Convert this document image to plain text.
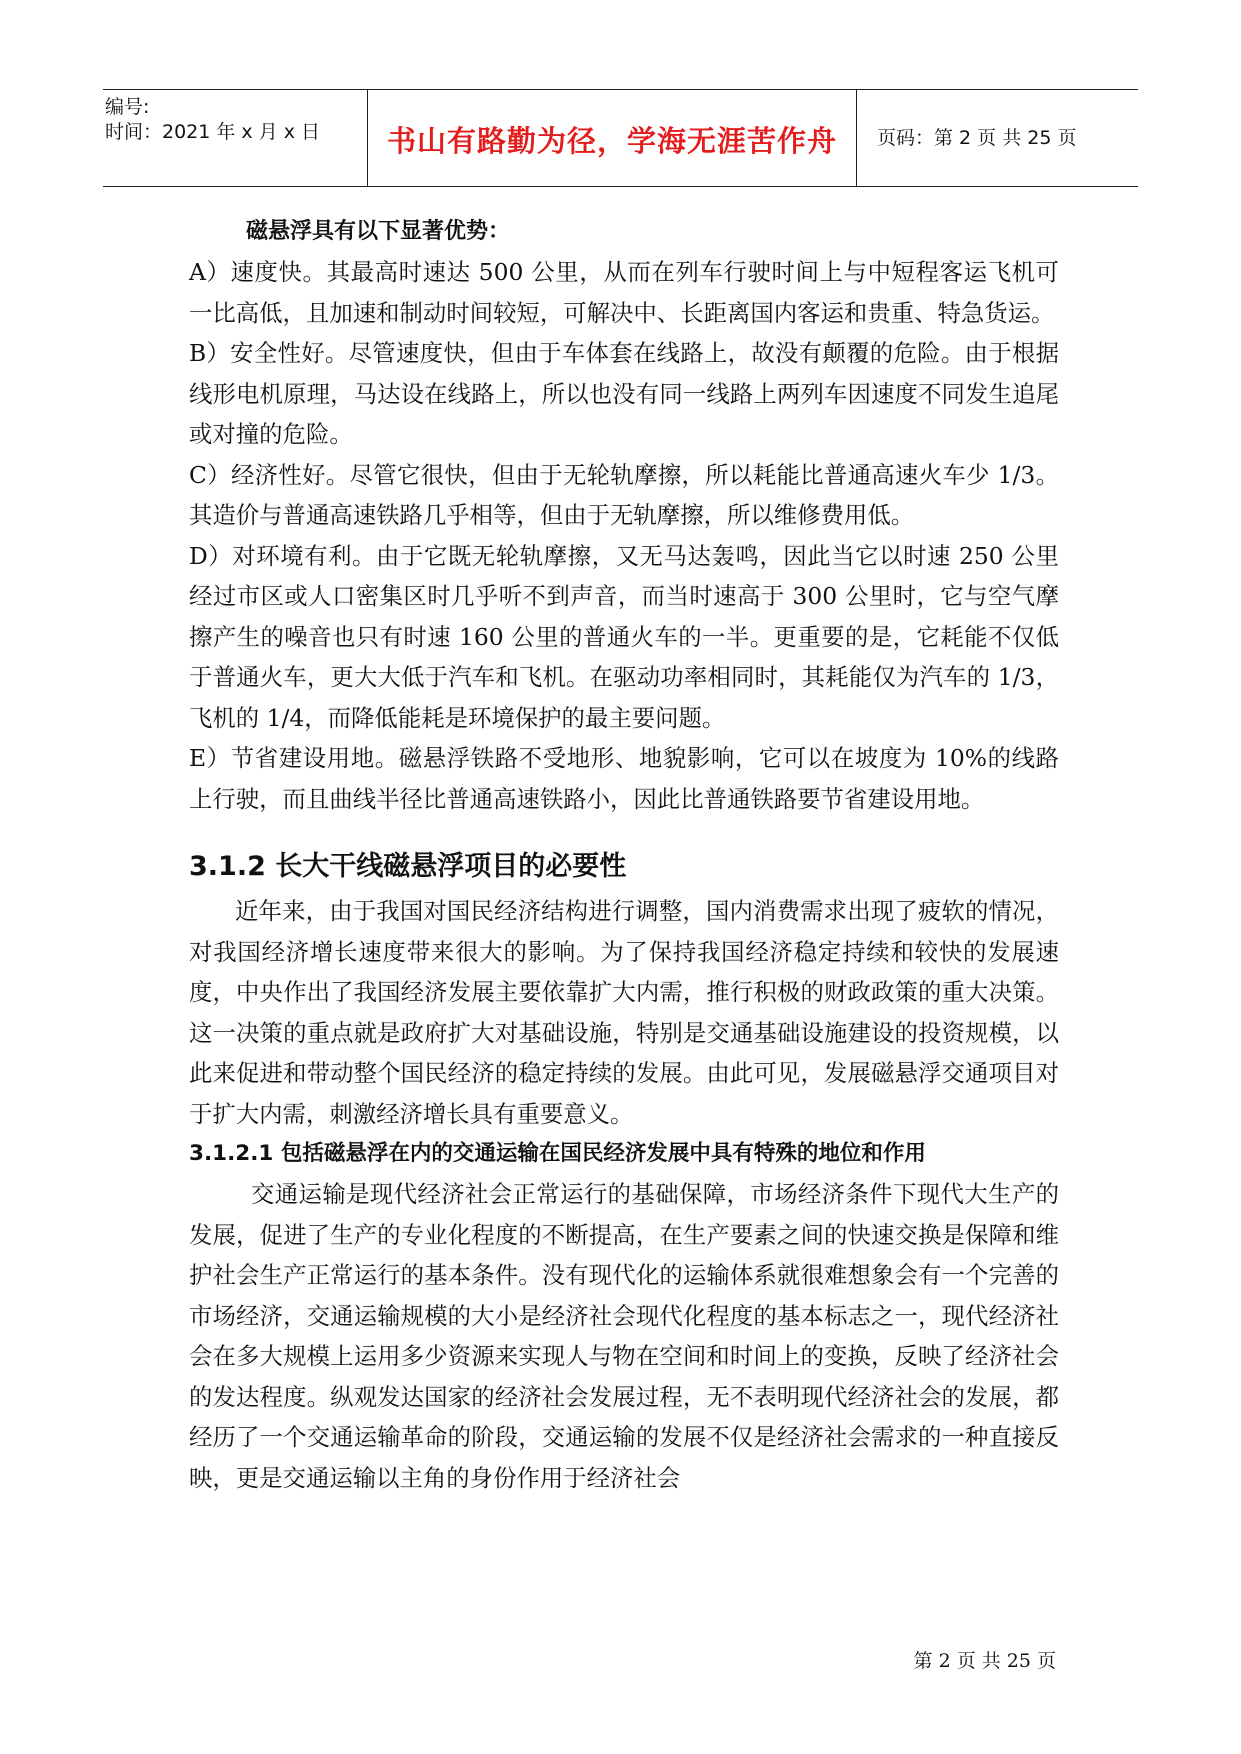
编号:
时间：2021 年 x 月 x 日	书山有路勤为径，学海无涯苦作舟	页码：第 2 页 共 25 页

磁悬浮具有以下显著优势：

A）速度快。其最高时速达 500 公里，从而在列车行驶时间上与中短程客运飞机可一比高低，且加速和制动时间较短，可解决中、长距离国内客运和贵重、特急货运。

B）安全性好。尽管速度快，但由于车体套在线路上，故没有颠覆的危险。由于根据线形电机原理，马达设在线路上，所以也没有同一线路上两列车因速度不同发生追尾或对撞的危险。

C）经济性好。尽管它很快，但由于无轮轨摩擦，所以耗能比普通高速火车少 1/3。其造价与普通高速铁路几乎相等，但由于无轨摩擦，所以维修费用低。

D）对环境有利。由于它既无轮轨摩擦，又无马达轰鸣，因此当它以时速 250 公里经过市区或人口密集区时几乎听不到声音，而当时速高于 300 公里时，它与空气摩擦产生的噪音也只有时速 160 公里的普通火车的一半。更重要的是，它耗能不仅低于普通火车，更大大低于汽车和飞机。在驱动功率相同时，其耗能仅为汽车的 1/3，飞机的 1/4，而降低能耗是环境保护的最主要问题。

E）节省建设用地。磁悬浮铁路不受地形、地貌影响，它可以在坡度为 10%的线路上行驶，而且曲线半径比普通高速铁路小，因此比普通铁路要节省建设用地。

3.1.2 长大干线磁悬浮项目的必要性

近年来，由于我国对国民经济结构进行调整，国内消费需求出现了疲软的情况，对我国经济增长速度带来很大的影响。为了保持我国经济稳定持续和较快的发展速度，中央作出了我国经济发展主要依靠扩大内需，推行积极的财政政策的重大决策。这一决策的重点就是政府扩大对基础设施，特别是交通基础设施建设的投资规模，以此来促进和带动整个国民经济的稳定持续的发展。由此可见，发展磁悬浮交通项目对于扩大内需，刺激经济增长具有重要意义。

3.1.2.1 包括磁悬浮在内的交通运输在国民经济发展中具有特殊的地位和作用

交通运输是现代经济社会正常运行的基础保障，市场经济条件下现代大生产的发展，促进了生产的专业化程度的不断提高，在生产要素之间的快速交换是保障和维护社会生产正常运行的基本条件。没有现代化的运输体系就很难想象会有一个完善的市场经济，交通运输规模的大小是经济社会现代化程度的基本标志之一，现代经济社会在多大规模上运用多少资源来实现人与物在空间和时间上的变换，反映了经济社会的发达程度。纵观发达国家的经济社会发展过程，无不表明现代经济社会的发展，都经历了一个交通运输革命的阶段，交通运输的发展不仅是经济社会需求的一种直接反映，更是交通运输以主角的身份作用于经济社会

第 2 页 共 25 页
